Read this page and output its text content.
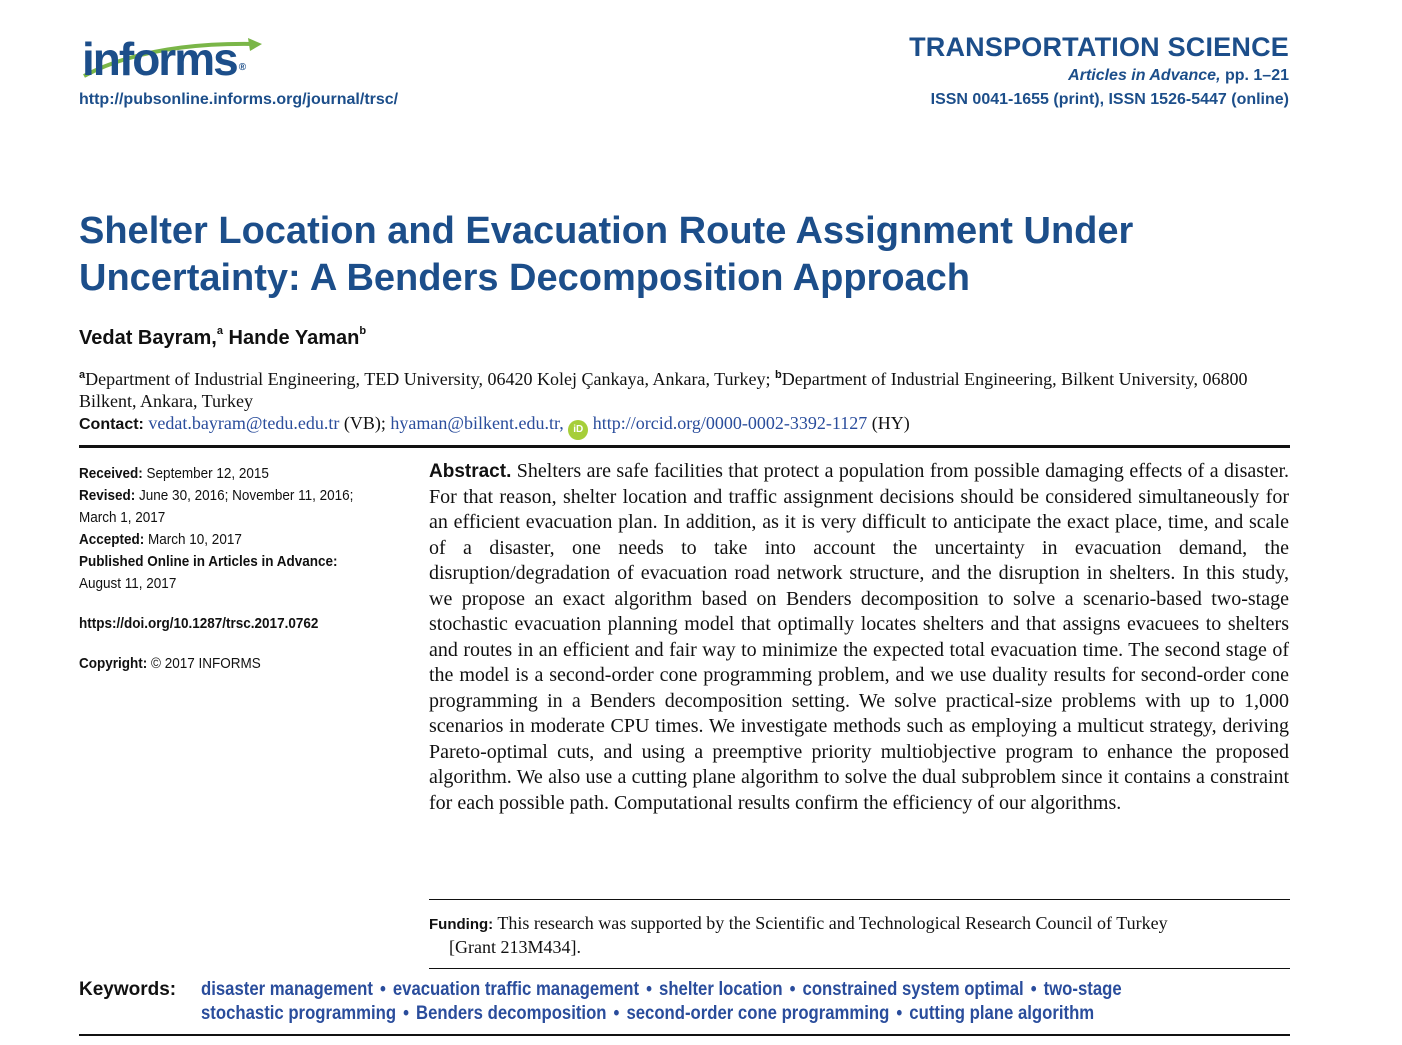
informs ®
http://pubsonline.informs.org/journal/trsc/
TRANSPORTATION SCIENCE
Articles in Advance, pp. 1–21
ISSN 0041-1655 (print), ISSN 1526-5447 (online)
Shelter Location and Evacuation Route Assignment Under
Uncertainty: A Benders Decomposition Approach
Vedat Bayram,$^a$ Hande Yaman$^b$
$^a$Department of Industrial Engineering, TED University, 06420 Kolej Çankaya, Ankara, Turkey; $^b$Department of Industrial Engineering, Bilkent University, 06800 Bilkent, Ankara, Turkey
Contact: vedat.bayram@tedu.edu.tr (VB); hyaman@bilkent.edu.tr, iD http://orcid.org/0000-0002-3392-1127 (HY)
Received: September 12, 2015
Revised: June 30, 2016; November 11, 2016; March 1, 2017
Accepted: March 10, 2017
Published Online in Articles in Advance:
August 11, 2017
https://doi.org/10.1287/trsc.2017.0762
Copyright: © 2017 INFORMS
Abstract. Shelters are safe facilities that protect a population from possible damaging effects of a disaster. For that reason, shelter location and traffic assignment decisions should be considered simultaneously for an efficient evacuation plan. In addition, as it is very difficult to anticipate the exact place, time, and scale of a disaster, one needs to take into account the uncertainty in evacuation demand, the disruption/degradation of evacuation road network structure, and the disruption in shelters. In this study, we propose an exact algorithm based on Benders decomposition to solve a scenario-based two-stage stochastic evacuation planning model that optimally locates shelters and that assigns evacuees to shelters and routes in an efficient and fair way to minimize the expected total evacuation time. The second stage of the model is a second-order cone programming problem, and we use duality results for second-order cone programming in a Benders decomposition setting. We solve practical-size problems with up to 1,000 scenarios in moderate CPU times. We investigate methods such as employing a multicut strategy, deriving Pareto-optimal cuts, and using a preemptive priority multiobjective program to enhance the proposed algorithm. We also use a cutting plane algorithm to solve the dual subproblem since it contains a constraint for each possible path. Computational results confirm the efficiency of our algorithms.
Funding: This research was supported by the Scientific and Technological Research Council of Turkey
[Grant 213M434].
Keywords: disaster management • evacuation traffic management • shelter location • constrained system optimal • two-stage stochastic programming • Benders decomposition • second-order cone programming • cutting plane algorithm
